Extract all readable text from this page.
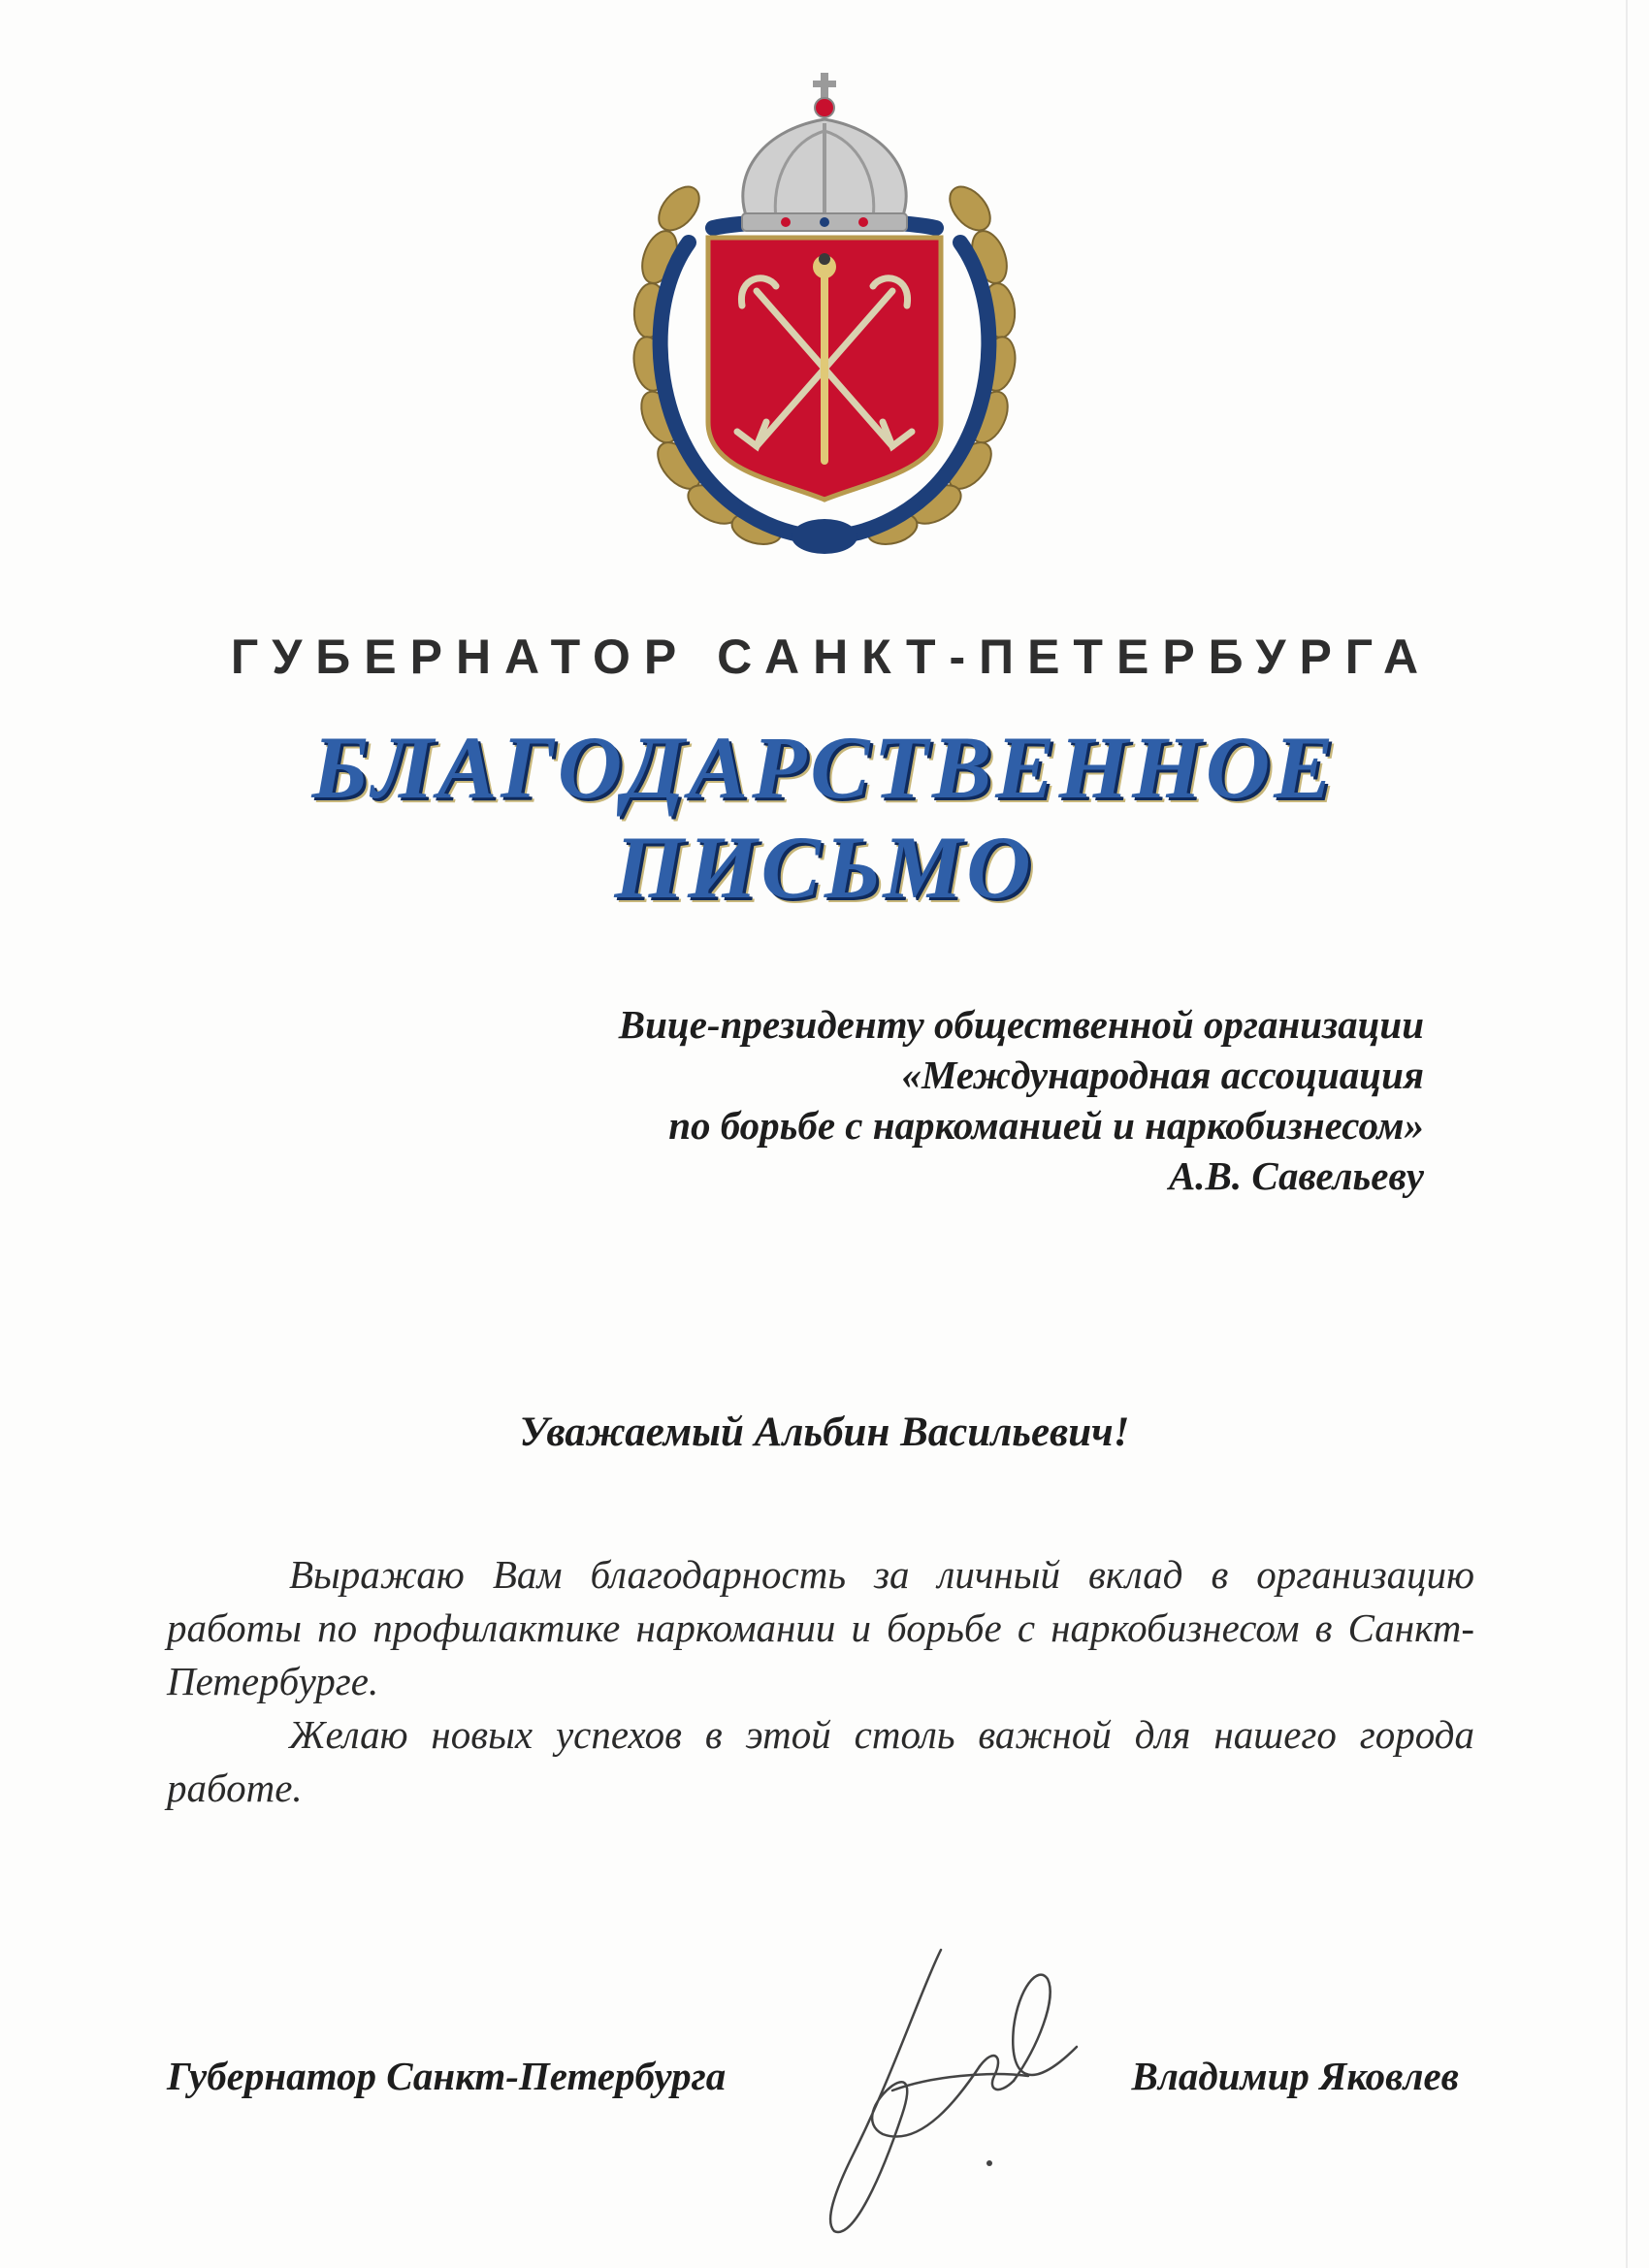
ГУБЕРНАТОР САНКТ-ПЕТЕРБУРГА
БЛАГОДАРСТВЕННОЕ
ПИСЬМО
Вице-президенту общественной организации
«Международная ассоциация
по борьбе с наркоманией и наркобизнесом»
А.В. Савельеву
Уважаемый Альбин Васильевич!

Выражаю Вам благодарность за личный вклад в организацию работы по профилактике наркомании и борьбе с наркобизнесом в Санкт-Петербурге.

Желаю новых успехов в этой столь важной для нашего города работе.

Губернатор Санкт-Петербурга	Владимир Яковлев
